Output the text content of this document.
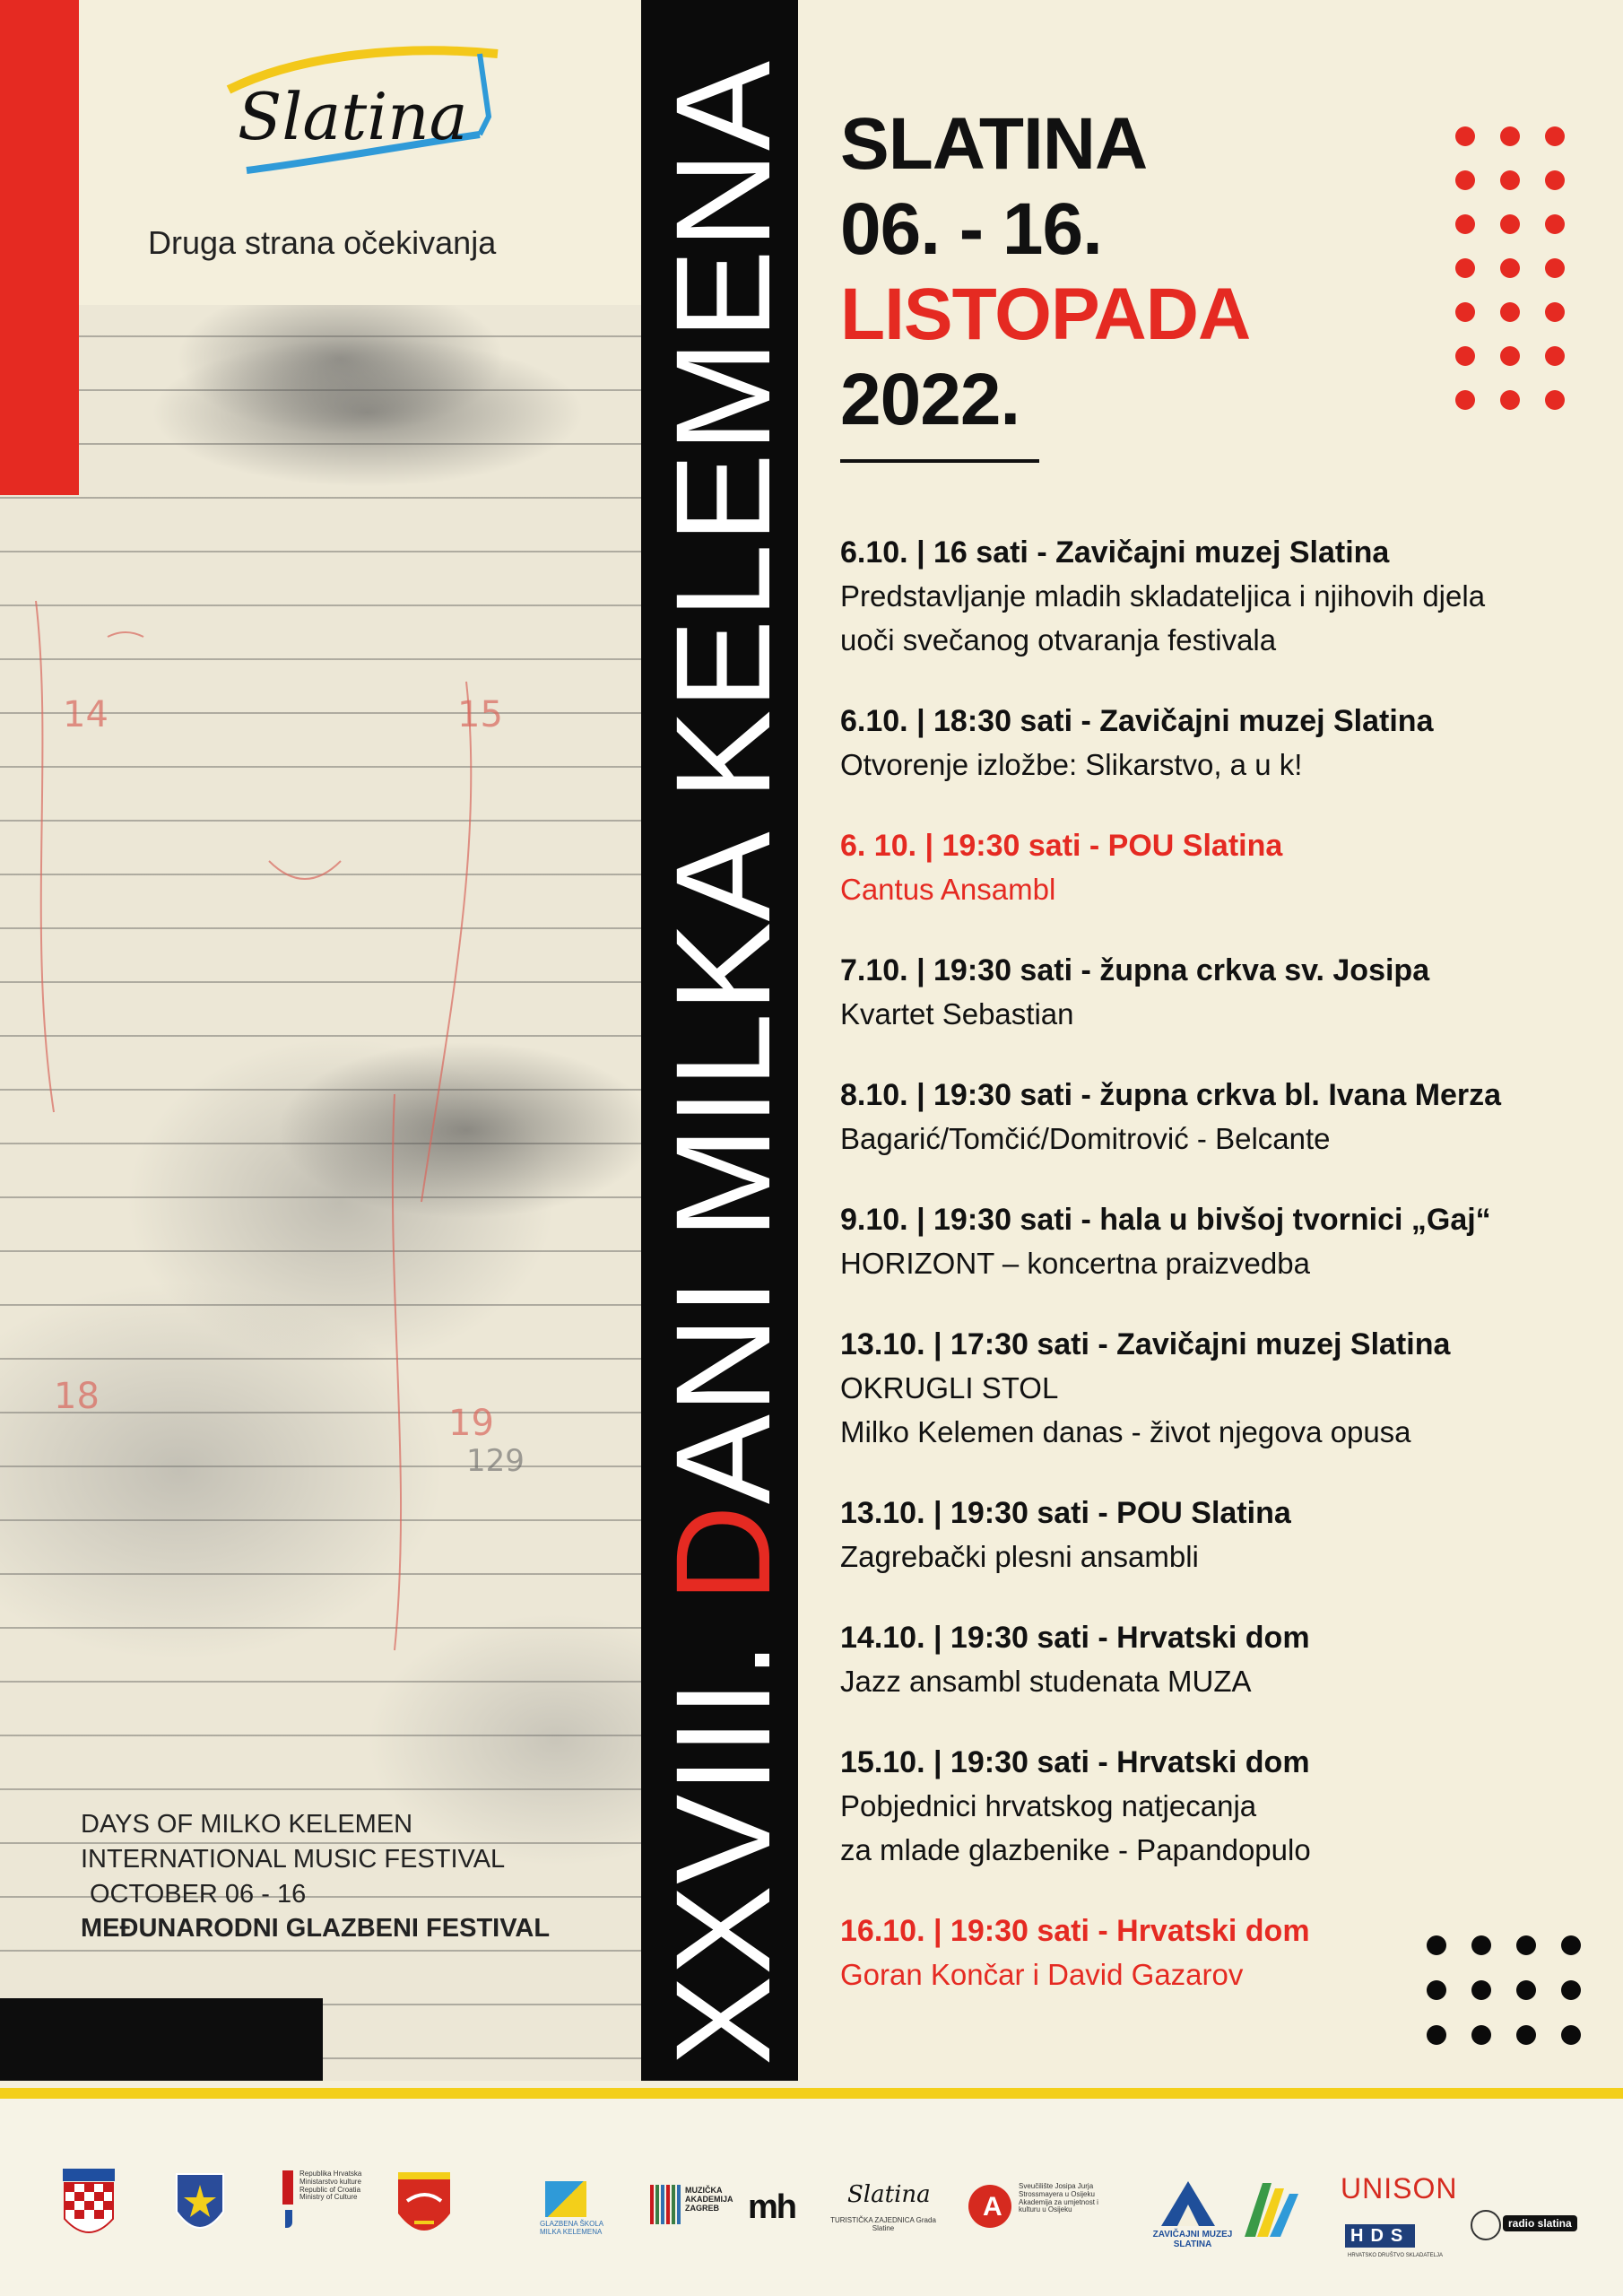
14	15
18
19
129
Slatina
Druga strana očekivanja
XXVIII. DANI MILKA KELEMENA
DAYS OF MILKO KELEMEN
INTERNATIONAL MUSIC FESTIVAL
OCTOBER 06 - 16
MEĐUNARODNI GLAZBENI FESTIVAL
SLATINA
06. - 16.
LISTOPADA
2022.
6.10. | 16 sati - Zavičajni muzej Slatina
Predstavljanje mladih skladateljica i njihovih djela
uoči svečanog otvaranja festivala
6.10. | 18:30 sati - Zavičajni muzej Slatina
Otvorenje izložbe: Slikarstvo, a u k!
6. 10. | 19:30 sati - POU Slatina
Cantus Ansambl
7.10. | 19:30 sati - župna crkva sv. Josipa
Kvartet Sebastian
8.10. | 19:30 sati - župna crkva bl. Ivana Merza
Bagarić/Tomčić/Domitrović - Belcante
9.10. | 19:30 sati - hala u bivšoj tvornici „Gaj“
HORIZONT – koncertna praizvedba
13.10. | 17:30 sati - Zavičajni muzej Slatina
OKRUGLI STOL
Milko Kelemen danas - život njegova opusa
13.10. | 19:30 sati - POU Slatina
Zagrebački plesni ansambli
14.10. | 19:30 sati - Hrvatski dom
Jazz ansambl studenata MUZA
15.10. | 19:30 sati - Hrvatski dom
Pobjednici hrvatskog natjecanja
za mlade glazbenike - Papandopulo
16.10. | 19:30 sati - Hrvatski dom
Goran Končar i David Gazarov
Republika Hrvatska Ministarstvo kulture Republic of Croatia Ministry of Culture
GLAZBENA ŠKOLA MILKA KELEMENA
MUZIČKA AKADEMIJA ZAGREB mh Slatina
TURISTIČKA ZAJEDNICA Grada Slatine
A
Sveučilište Josipa Jurja Strossmayera u Osijeku Akademija za umjetnost i kulturu u Osijeku
ZAVIČAJNI MUZEJ SLATINA
UNISON
HDS
HRVATSKO DRUŠTVO SKLADATELJA
radio slatina
